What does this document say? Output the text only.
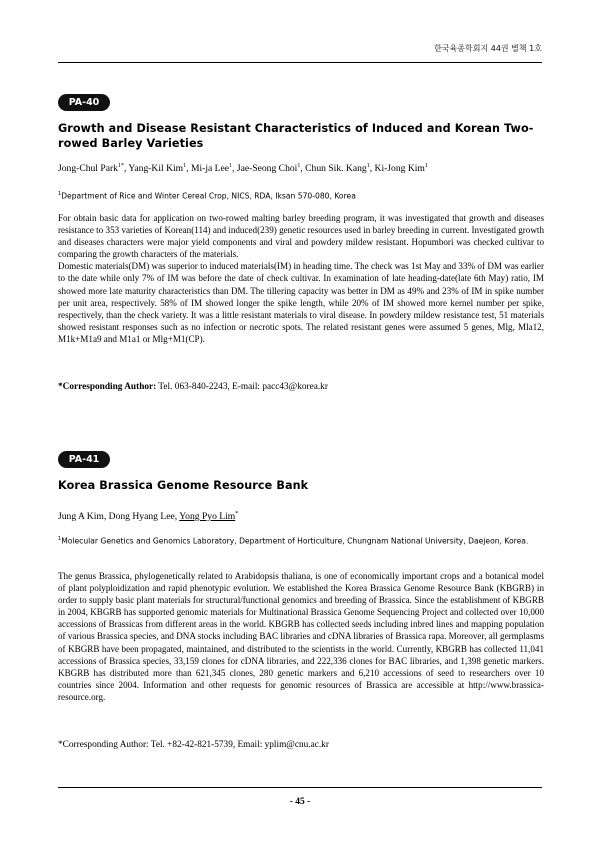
한국육종학회지 44권 별책 1호
PA-40
Growth and Disease Resistant Characteristics of Induced and Korean Two-rowed Barley Varieties
Jong-Chul Park$^{1*}$, Yang-Kil Kim$^1$, Mi-ja Lee$^1$, Jae-Seong Choi$^1$, Chun Sik. Kang$^1$, Ki-Jong Kim$^1$
$^1$Department of Rice and Winter Cereal Crop, NICS, RDA, Iksan 570-080, Korea

For obtain basic data for application on two-rowed malting barley breeding program, it was investigated that growth and diseases resistance to 353 varieties of Korean(114) and induced(239) genetic resources used in barley breeding in current. Investigated growth and diseases characters were major yield components and viral and powdery mildew resistant. Hopumbori was checked cultivar to comparing the growth characters of the materials.

Domestic materials(DM) was superior to induced materials(IM) in heading time. The check was 1st May and 33% of DM was earlier to the date while only 7% of IM was before the date of check cultivar. In examination of late heading-date(late 6th May) ratio, IM showed more late maturity characteristics than DM. The tillering capacity was better in DM as 49% and 23% of IM in spike number per unit area, respectively. 58% of IM showed longer the spike length, while 20% of IM showed more kernel number per spike, respectively, than the check variety. It was a little resistant materials to viral disease. In powdery mildew resistance test, 51 materials showed resistant responses such as no infection or necrotic spots. The related resistant genes were assumed 5 genes, Mlg, Mla12, M1k+M1a9 and M1a1 or Mlg+M1(CP).

*Corresponding Author: Tel. 063-840-2243, E-mail: pacc43@korea.kr
PA-41
Korea Brassica Genome Resource Bank
Jung A Kim, Dong Hyang Lee, Yong Pyo Lim*
$^1$Molecular Genetics and Genomics Laboratory, Department of Horticulture, Chungnam National University, Daejeon, Korea.

The genus Brassica, phylogenetically related to Arabidopsis thaliana, is one of economically important crops and a botanical model of plant polyploidization and rapid phenotypic evolution. We established the Korea Brassica Genome Resource Bank (KBGRB) in order to supply basic plant materials for structural/functional genomics and breeding of Brassica. Since the establishment of KBGRB in 2004, KBGRB has supported genomic materials for Multinational Brassica Genome Sequencing Project and collected over 10,000 accessions of Brassicas from different areas in the world. KBGRB has collected seeds including inbred lines and mapping population of various Brassica species, and DNA stocks including BAC libraries and cDNA libraries of Brassica rapa. Moreover, all germplasms of KBGRB have been propagated, maintained, and distributed to the scientists in the world. Currently, KBGRB has collected 11,041 accessions of Brassica species, 33,159 clones for cDNA libraries, and 222,336 clones for BAC libraries, and 1,398 genetic markers. KBGRB has distributed more than 621,345 clones, 280 genetic markers and 6,210 accessions of seed to researchers over 10 countries since 2004. Information and other requests for genomic resources of Brassica are accessible at http://www.brassica-resource.org.

*Corresponding Author: Tel. +82-42-821-5739, Email: yplim@cnu.ac.kr
- 45 -
